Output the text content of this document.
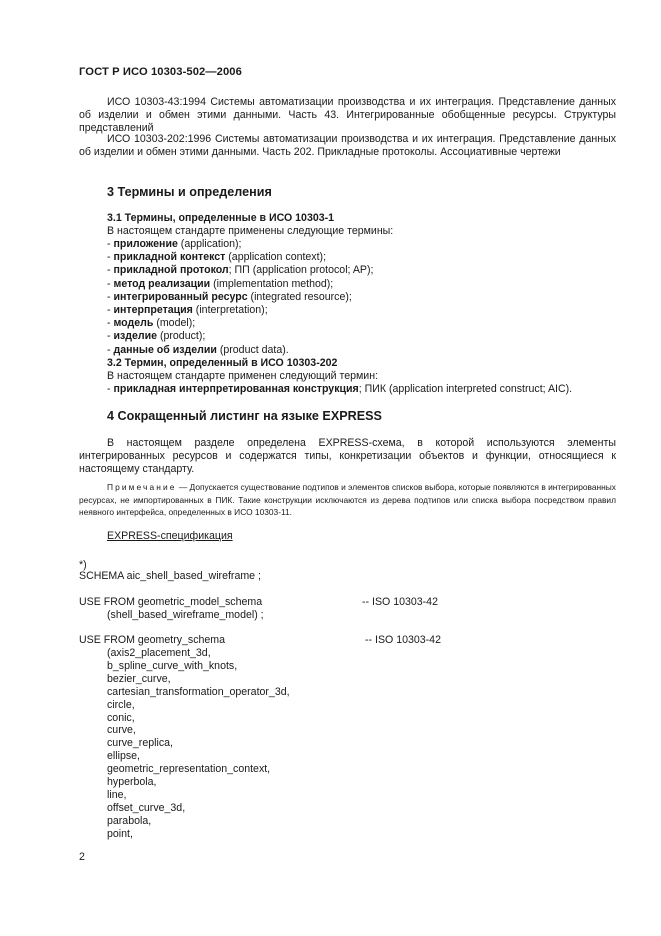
ГОСТ Р ИСО 10303-502—2006
ИСО 10303-43:1994 Системы автоматизации производства и их интеграция. Представление данных об изделии и обмен этими данными. Часть 43. Интегрированные обобщенные ресурсы. Структуры представлений
ИСО 10303-202:1996 Системы автоматизации производства и их интеграция. Представление данных об изделии и обмен этими данными. Часть 202. Прикладные протоколы. Ассоциативные чертежи
3 Термины и определения
3.1 Термины, определенные в ИСО 10303-1
В настоящем стандарте применены следующие термины:
- приложение (application);
- прикладной контекст (application context);
- прикладной протокол; ПП (application protocol; AP);
- метод реализации (implementation method);
- интегрированный ресурс (integrated resource);
- интерпретация (interpretation);
- модель (model);
- изделие (product);
- данные об изделии (product data).
3.2 Термин, определенный в ИСО 10303-202
В настоящем стандарте применен следующий термин:
- прикладная интерпретированная конструкция; ПИК (application interpreted construct; AIC).
4 Сокращенный листинг на языке EXPRESS
В настоящем разделе определена EXPRESS-схема, в которой используются элементы интегрированных ресурсов и содержатся типы, конкретизации объектов и функции, относящиеся к настоящему стандарту.
Примечание — Допускается существование подтипов и элементов списков выбора, которые появляются в интегрированных ресурсах, не импортированных в ПИК. Такие конструкции исключаются из дерева подтипов или списка выбора посредством правил неявного интерфейса, определенных в ИСО 10303-11.
EXPRESS-спецификация
*)
SCHEMA aic_shell_based_wireframe ;
USE FROM geometric_model_schema	-- ISO 10303-42
(shell_based_wireframe_model) ;
USE FROM geometry_schema	-- ISO 10303-42
(axis2_placement_3d,
b_spline_curve_with_knots,
bezier_curve,
cartesian_transformation_operator_3d,
circle,
conic,
curve,
curve_replica,
ellipse,
geometric_representation_context,
hyperbola,
line,
offset_curve_3d,
parabola,
point,
2
